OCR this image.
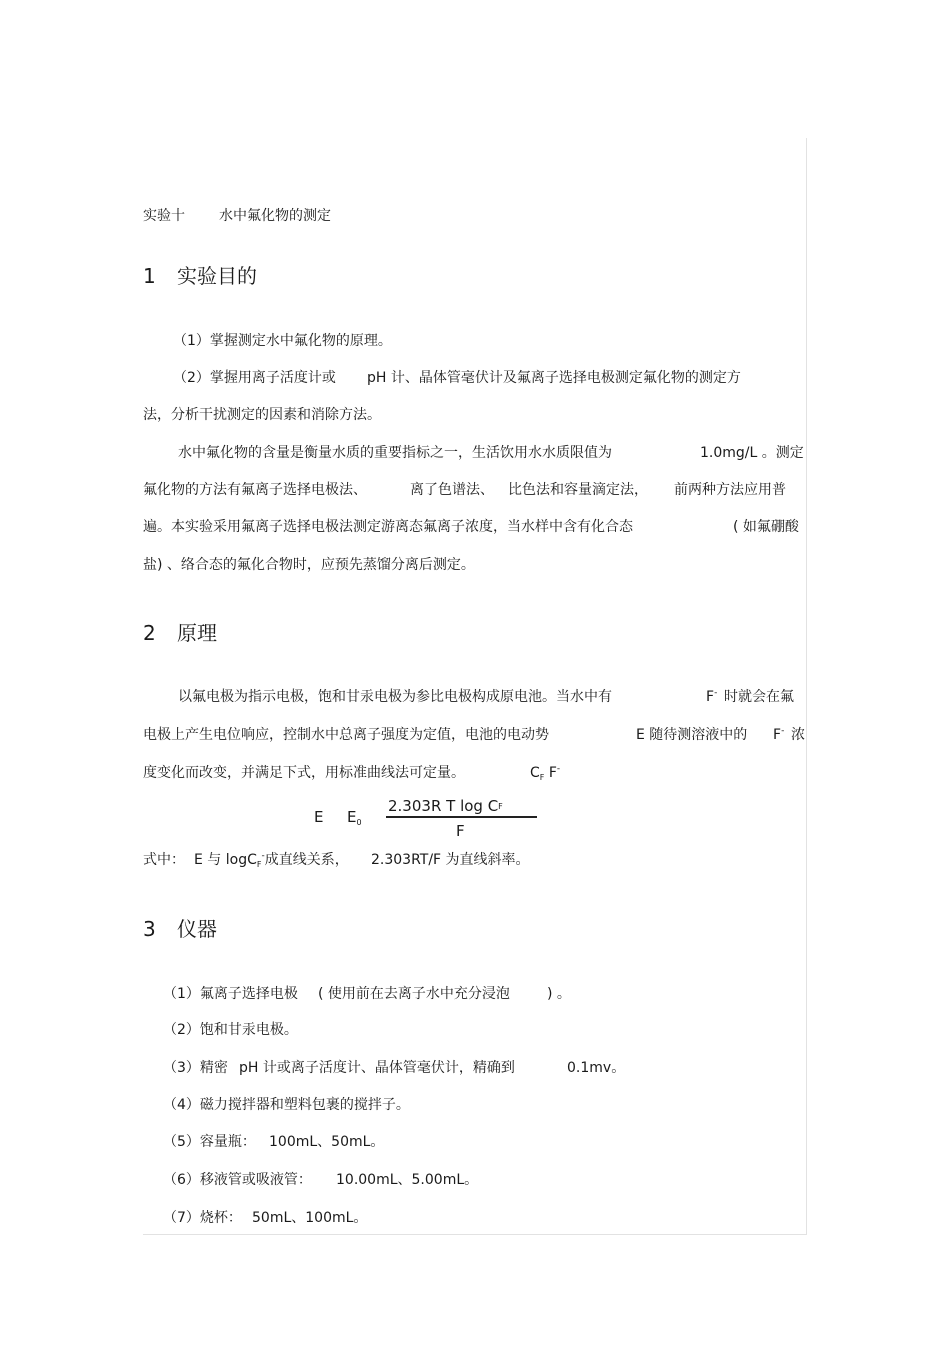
实验十 水中氟化物的测定
1 实验目的
（1）掌握测定水中氟化物的原理。
（2）掌握用离子活度计或 pH 计、晶体管毫伏计及氟离子选择电极测定氟化物的测定方
法，分析干扰测定的因素和消除方法。
水中氟化物的含量是衡量水质的重要指标之一，生活饮用水水质限值为	1.0mg/L 。测定
氟化物的方法有氟离子选择电极法、	离了色谱法、 比色法和容量滴定法， 前两种方法应用普
遍。本实验采用氟离子选择电极法测定游离态氟离子浓度，当水样中含有化合态	( 如氟硼酸
盐) 、络合态的氟化合物时，应预先蒸馏分离后测定。
2 原理
以氟电极为指示电极，饱和甘汞电极为参比电极构成原电池。当水中有	F- 时就会在氟
电极上产生电位响应，控制水中总离子强度为定值，电池的电动势	E 随待测溶液中的 F- 浓
度变化而改变，并满足下式，用标准曲线法可定量。	$C_F$ F-
E $E_0$
2.303R T log CF
F
式中： E 与 logC$_F$-成直线关系， 2.303RT/F 为直线斜率。
3 仪器
（1）氟离子选择电极 ( 使用前在去离子水中充分浸泡	) 。
（2）饱和甘汞电极。
（3）精密 pH 计或离子活度计、晶体管毫伏计，精确到	0.1mv。
（4）磁力搅拌器和塑料包裹的搅拌子。
（5）容量瓶： 100mL、50mL。
（6）移液管或吸液管： 10.00mL、5.00mL。
（7）烧杯： 50mL、100mL。
